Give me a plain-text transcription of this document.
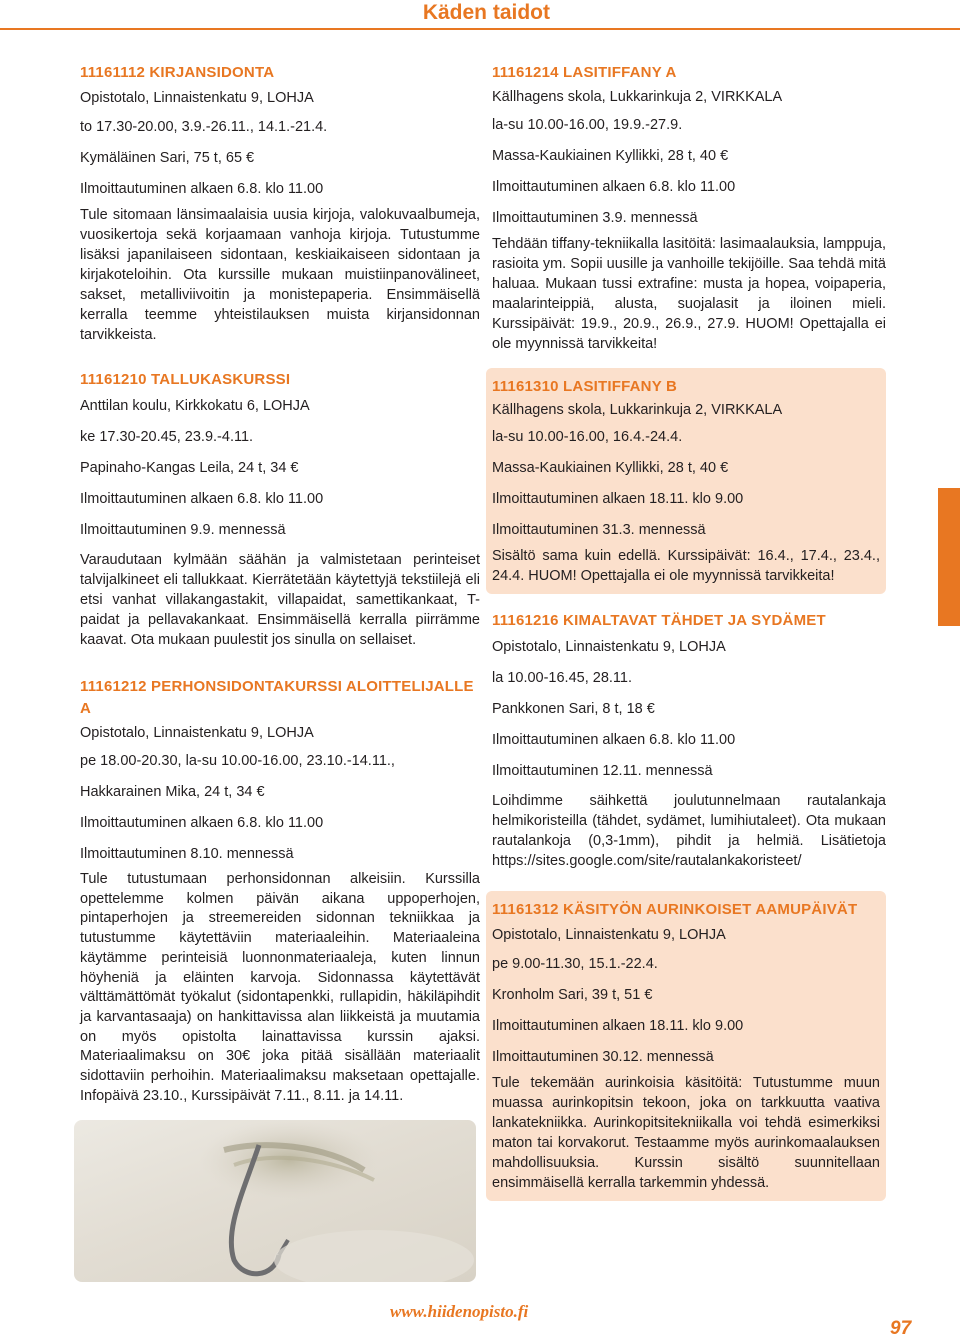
Käden taidot
11161112 KIRJANSIDONTA
Opistotalo, Linnaistenkatu 9, LOHJA
to 17.30-20.00, 3.9.-26.11., 14.1.-21.4.
Kymäläinen Sari, 75 t, 65 €
Ilmoittautuminen alkaen 6.8. klo 11.00
Tule sitomaan länsimaalaisia uusia kirjoja, valokuvaalbumeja, vuosikertoja sekä korjaamaan vanhoja kirjoja. Tutustumme lisäksi japanilaiseen sidontaan, keskiaikaiseen sidontaan ja kirjakoteloihin. Ota kurssille mukaan muistiinpanovälineet, sakset, metalliviivoitin ja monistepaperia. Ensimmäisellä kerralla teemme yhteistilauksen muista kirjansidonnan tarvikkeista.
11161210 TALLUKASKURSSI
Anttilan koulu, Kirkkokatu 6, LOHJA
ke 17.30-20.45, 23.9.-4.11.
Papinaho-Kangas Leila, 24 t, 34 €
Ilmoittautuminen alkaen 6.8. klo 11.00
Ilmoittautuminen 9.9. mennessä
Varaudutaan kylmään säähän ja valmistetaan perinteiset talvijalkineet eli tallukkaat. Kierrätetään käytettyjä tekstiilejä eli etsi vanhat villakangastakit, villapaidat, samettikankaat, T-paidat ja pellavakankaat. Ensimmäisellä kerralla piirrämme kaavat. Ota mukaan puulestit jos sinulla on sellaiset.
11161212 PERHONSIDONTAKURSSI ALOITTELIJALLE A
Opistotalo, Linnaistenkatu 9, LOHJA
pe 18.00-20.30, la-su 10.00-16.00, 23.10.-14.11.,
Hakkarainen Mika, 24 t, 34 €
Ilmoittautuminen alkaen 6.8. klo 11.00
Ilmoittautuminen 8.10. mennessä
Tule tutustumaan perhonsidonnan alkeisiin. Kurssilla opettelemme kolmen päivän aikana uppoperhojen, pintaperhojen ja streemereiden sidonnan tekniikkaa ja tutustumme käytettäviin materiaaleihin. Materiaaleina käytämme perinteisiä luonnonmateriaaleja, kuten linnun höyheniä ja eläinten karvoja. Sidonnassa käytettävät välttämättömät työkalut (sidontapenkki, rullapidin, häkiläpihdit ja karvantasaaja) on hankittavissa alan liikkeistä ja muutamia on myös opistolta lainattavissa kurssin ajaksi. Materiaalimaksu on 30€ joka pitää sisällään materiaalit sidottaviin perhoihin. Materiaalimaksu maksetaan opettajalle. Infopäivä 23.10., Kurssipäivät 7.11., 8.11. ja 14.11.
11161214 LASITIFFANY A
Källhagens skola, Lukkarinkuja 2, VIRKKALA
la-su 10.00-16.00, 19.9.-27.9.
Massa-Kaukiainen Kyllikki, 28 t, 40 €
Ilmoittautuminen alkaen 6.8. klo 11.00
Ilmoittautuminen 3.9. mennessä
Tehdään tiffany-tekniikalla lasitöitä: lasimaalauksia, lamppuja, rasioita ym. Sopii uusille ja vanhoille tekijöille. Saa tehdä mitä haluaa. Mukaan tussi extrafine: musta ja hopea, voipaperia, maalarinteippiä, alusta, suojalasit ja iloinen mieli. Kurssipäivät: 19.9., 20.9., 26.9., 27.9. HUOM! Opettajalla ei ole myynnissä tarvikkeita!
11161310 LASITIFFANY B
Källhagens skola, Lukkarinkuja 2, VIRKKALA
la-su 10.00-16.00, 16.4.-24.4.
Massa-Kaukiainen Kyllikki, 28 t, 40 €
Ilmoittautuminen alkaen 18.11. klo 9.00
Ilmoittautuminen 31.3. mennessä
Sisältö sama kuin edellä. Kurssipäivät: 16.4., 17.4., 23.4., 24.4. HUOM! Opettajalla ei ole myynnissä tarvikkeita!
11161216 KIMALTAVAT TÄHDET JA SYDÄMET
Opistotalo, Linnaistenkatu 9, LOHJA
la 10.00-16.45, 28.11.
Pankkonen Sari, 8 t, 18 €
Ilmoittautuminen alkaen 6.8. klo 11.00
Ilmoittautuminen 12.11. mennessä
Loihdimme säihkettä joulutunnelmaan rautalankaja helmikoristeilla (tähdet, sydämet, lumihiutaleet). Ota mukaan rautalankoja (0,3-1mm), pihdit ja helmiä. Lisätietoja https://sites.google.com/site/rautalankakoristeet/
11161312 KÄSITYÖN AURINKOISET AAMUPÄIVÄT
Opistotalo, Linnaistenkatu 9, LOHJA
pe 9.00-11.30, 15.1.-22.4.
Kronholm Sari, 39 t, 51 €
Ilmoittautuminen alkaen 18.11. klo 9.00
Ilmoittautuminen 30.12. mennessä
Tule tekemään aurinkoisia käsitöitä: Tutustumme muun muassa aurinkopitsin tekoon, joka on tarkkuutta vaativa lankatekniikka. Aurinkopitsitekniikalla voi tehdä esimerkiksi maton tai korvakorut. Testaamme myös aurinkomaalauksen mahdollisuuksia. Kurssin sisältö suunnitellaan ensimmäisellä kerralla tarkemmin yhdessä.
www.hiidenopisto.fi
97
